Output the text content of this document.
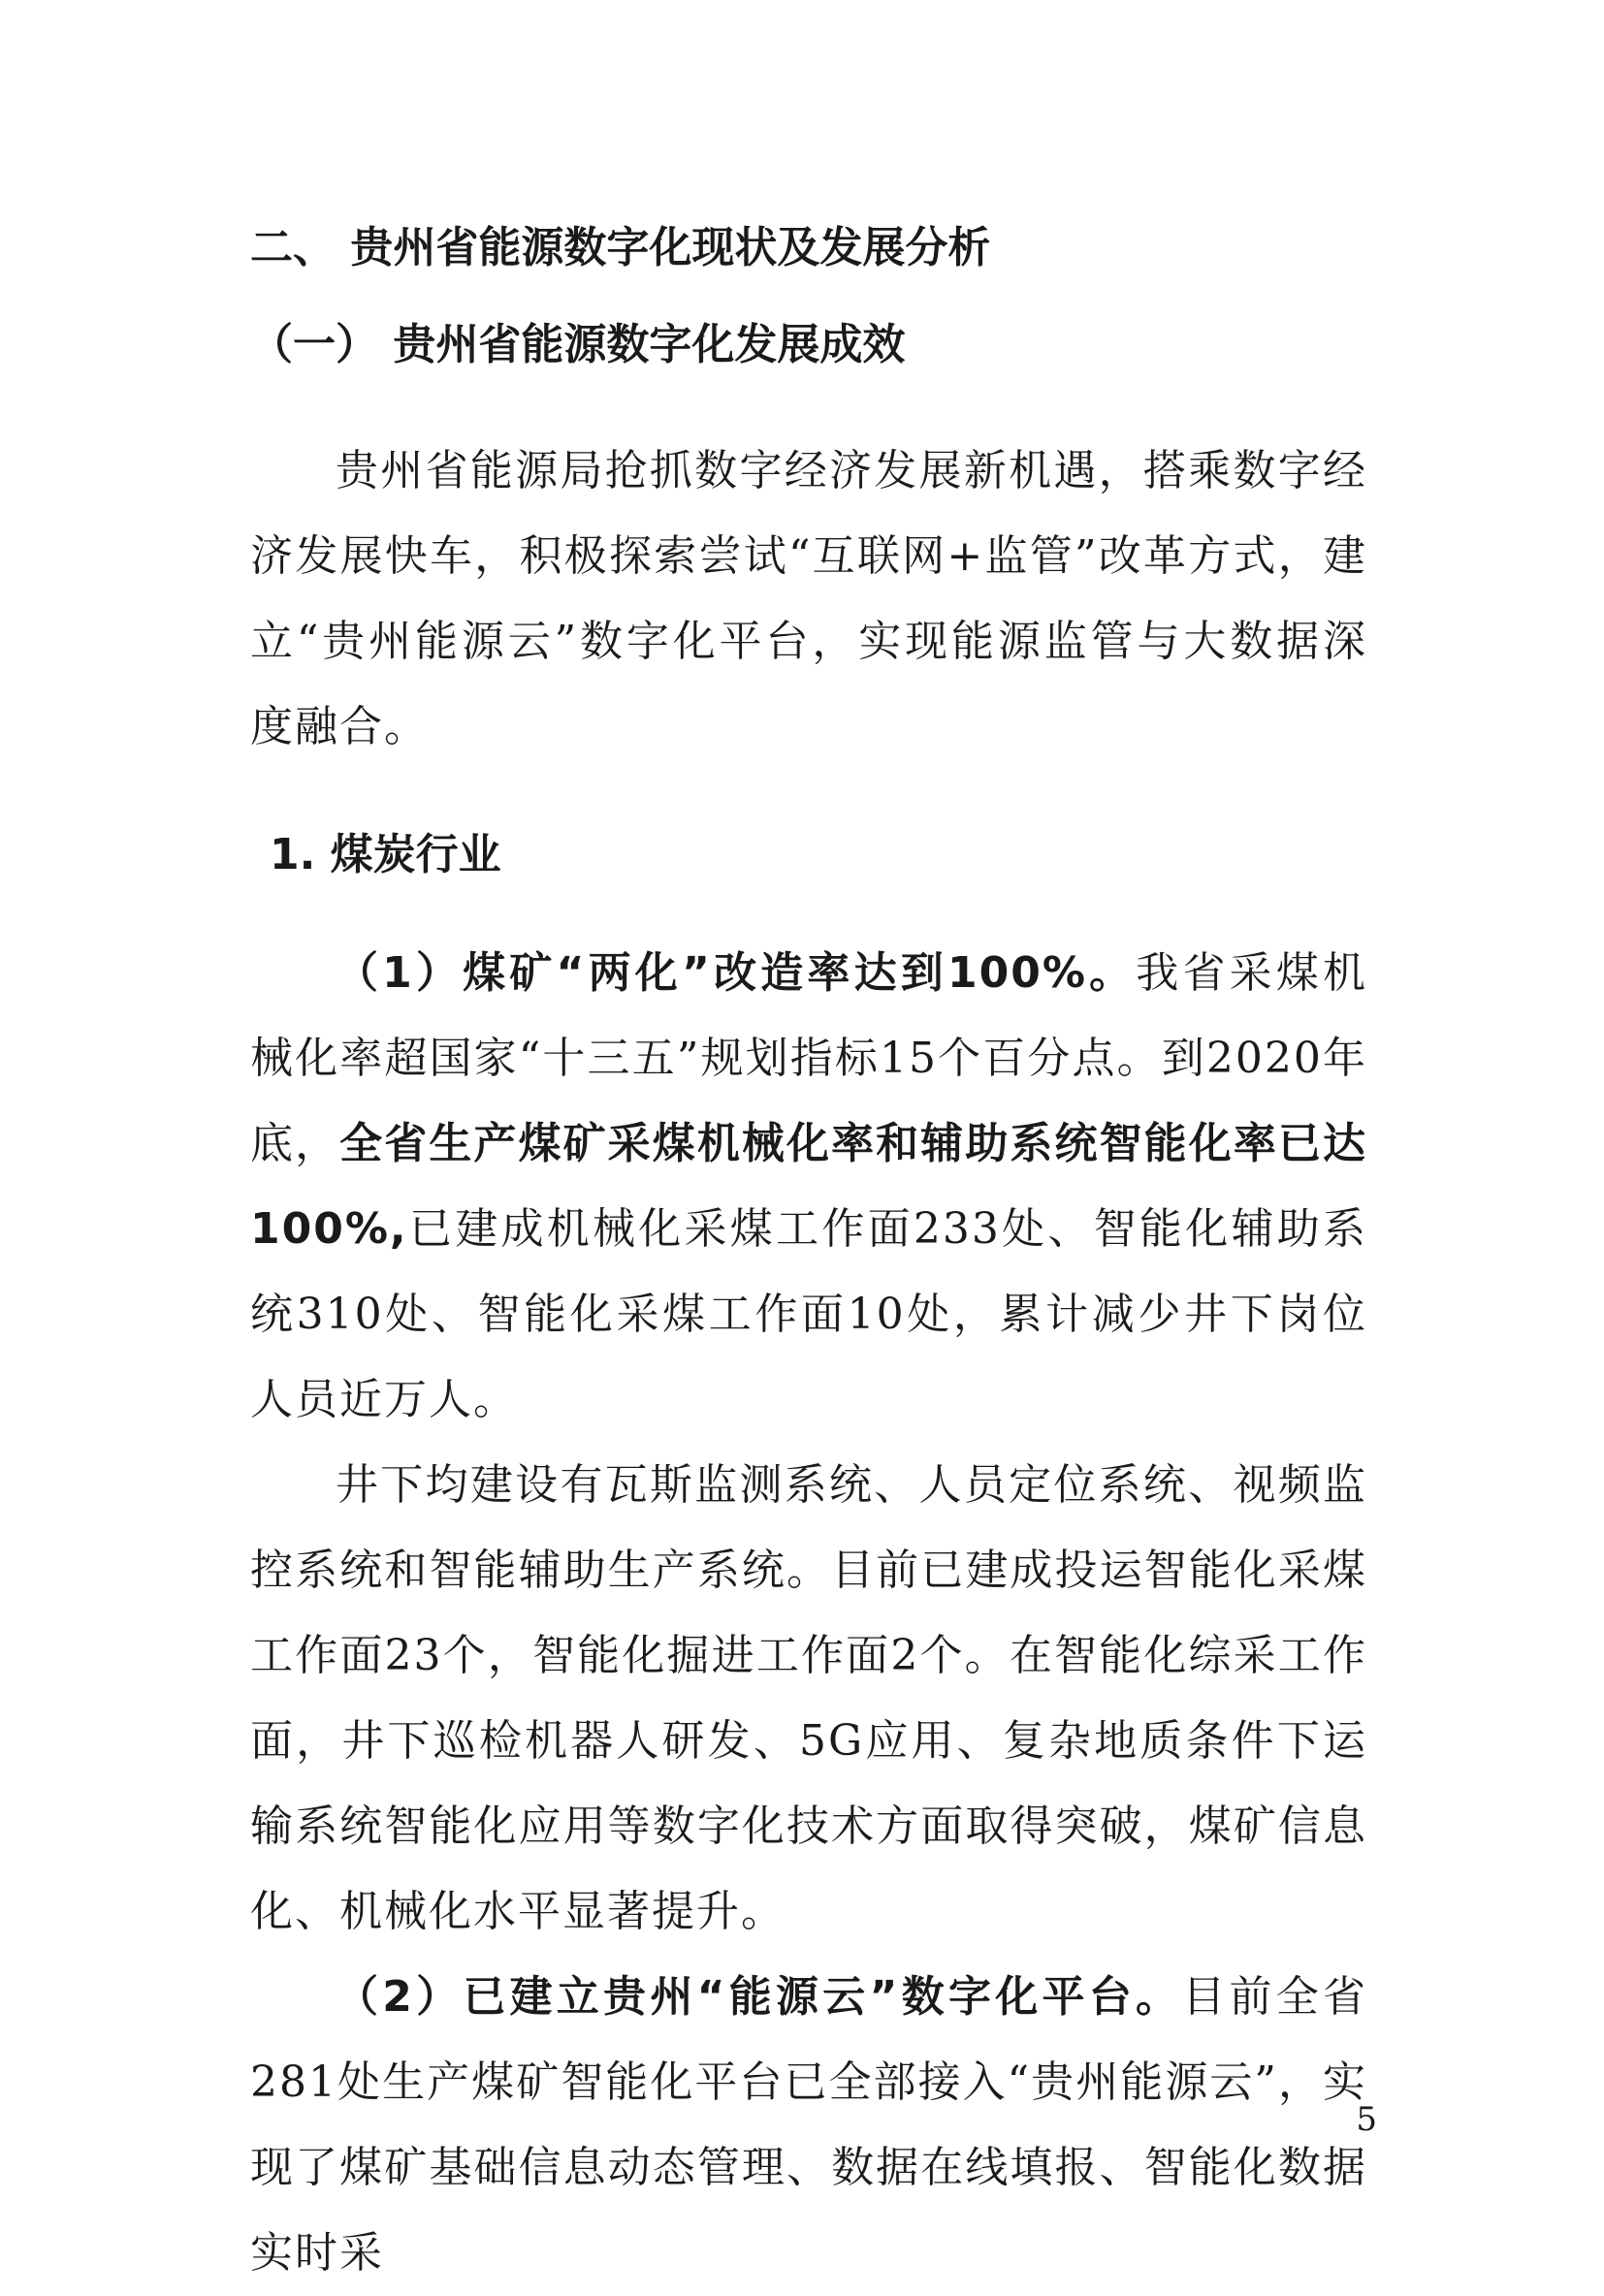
二、 贵州省能源数字化现状及发展分析
（一） 贵州省能源数字化发展成效

贵州省能源局抢抓数字经济发展新机遇，搭乘数字经济发展快车，积极探索尝试“互联网+监管”改革方式，建立“贵州能源云”数字化平台，实现能源监管与大数据深度融合。

1. 煤炭行业

（1）煤矿“两化”改造率达到100%。我省采煤机械化率超国家“十三五”规划指标15个百分点。到2020年底，全省生产煤矿采煤机械化率和辅助系统智能化率已达100%,已建成机械化采煤工作面233处、智能化辅助系统310处、智能化采煤工作面10处，累计减少井下岗位人员近万人。

井下均建设有瓦斯监测系统、人员定位系统、视频监控系统和智能辅助生产系统。目前已建成投运智能化采煤工作面23个，智能化掘进工作面2个。在智能化综采工作面，井下巡检机器人研发、5G应用、复杂地质条件下运输系统智能化应用等数字化技术方面取得突破，煤矿信息化、机械化水平显著提升。

（2）已建立贵州“能源云”数字化平台。目前全省281处生产煤矿智能化平台已全部接入“贵州能源云”，实现了煤矿基础信息动态管理、数据在线填报、智能化数据实时采

5
